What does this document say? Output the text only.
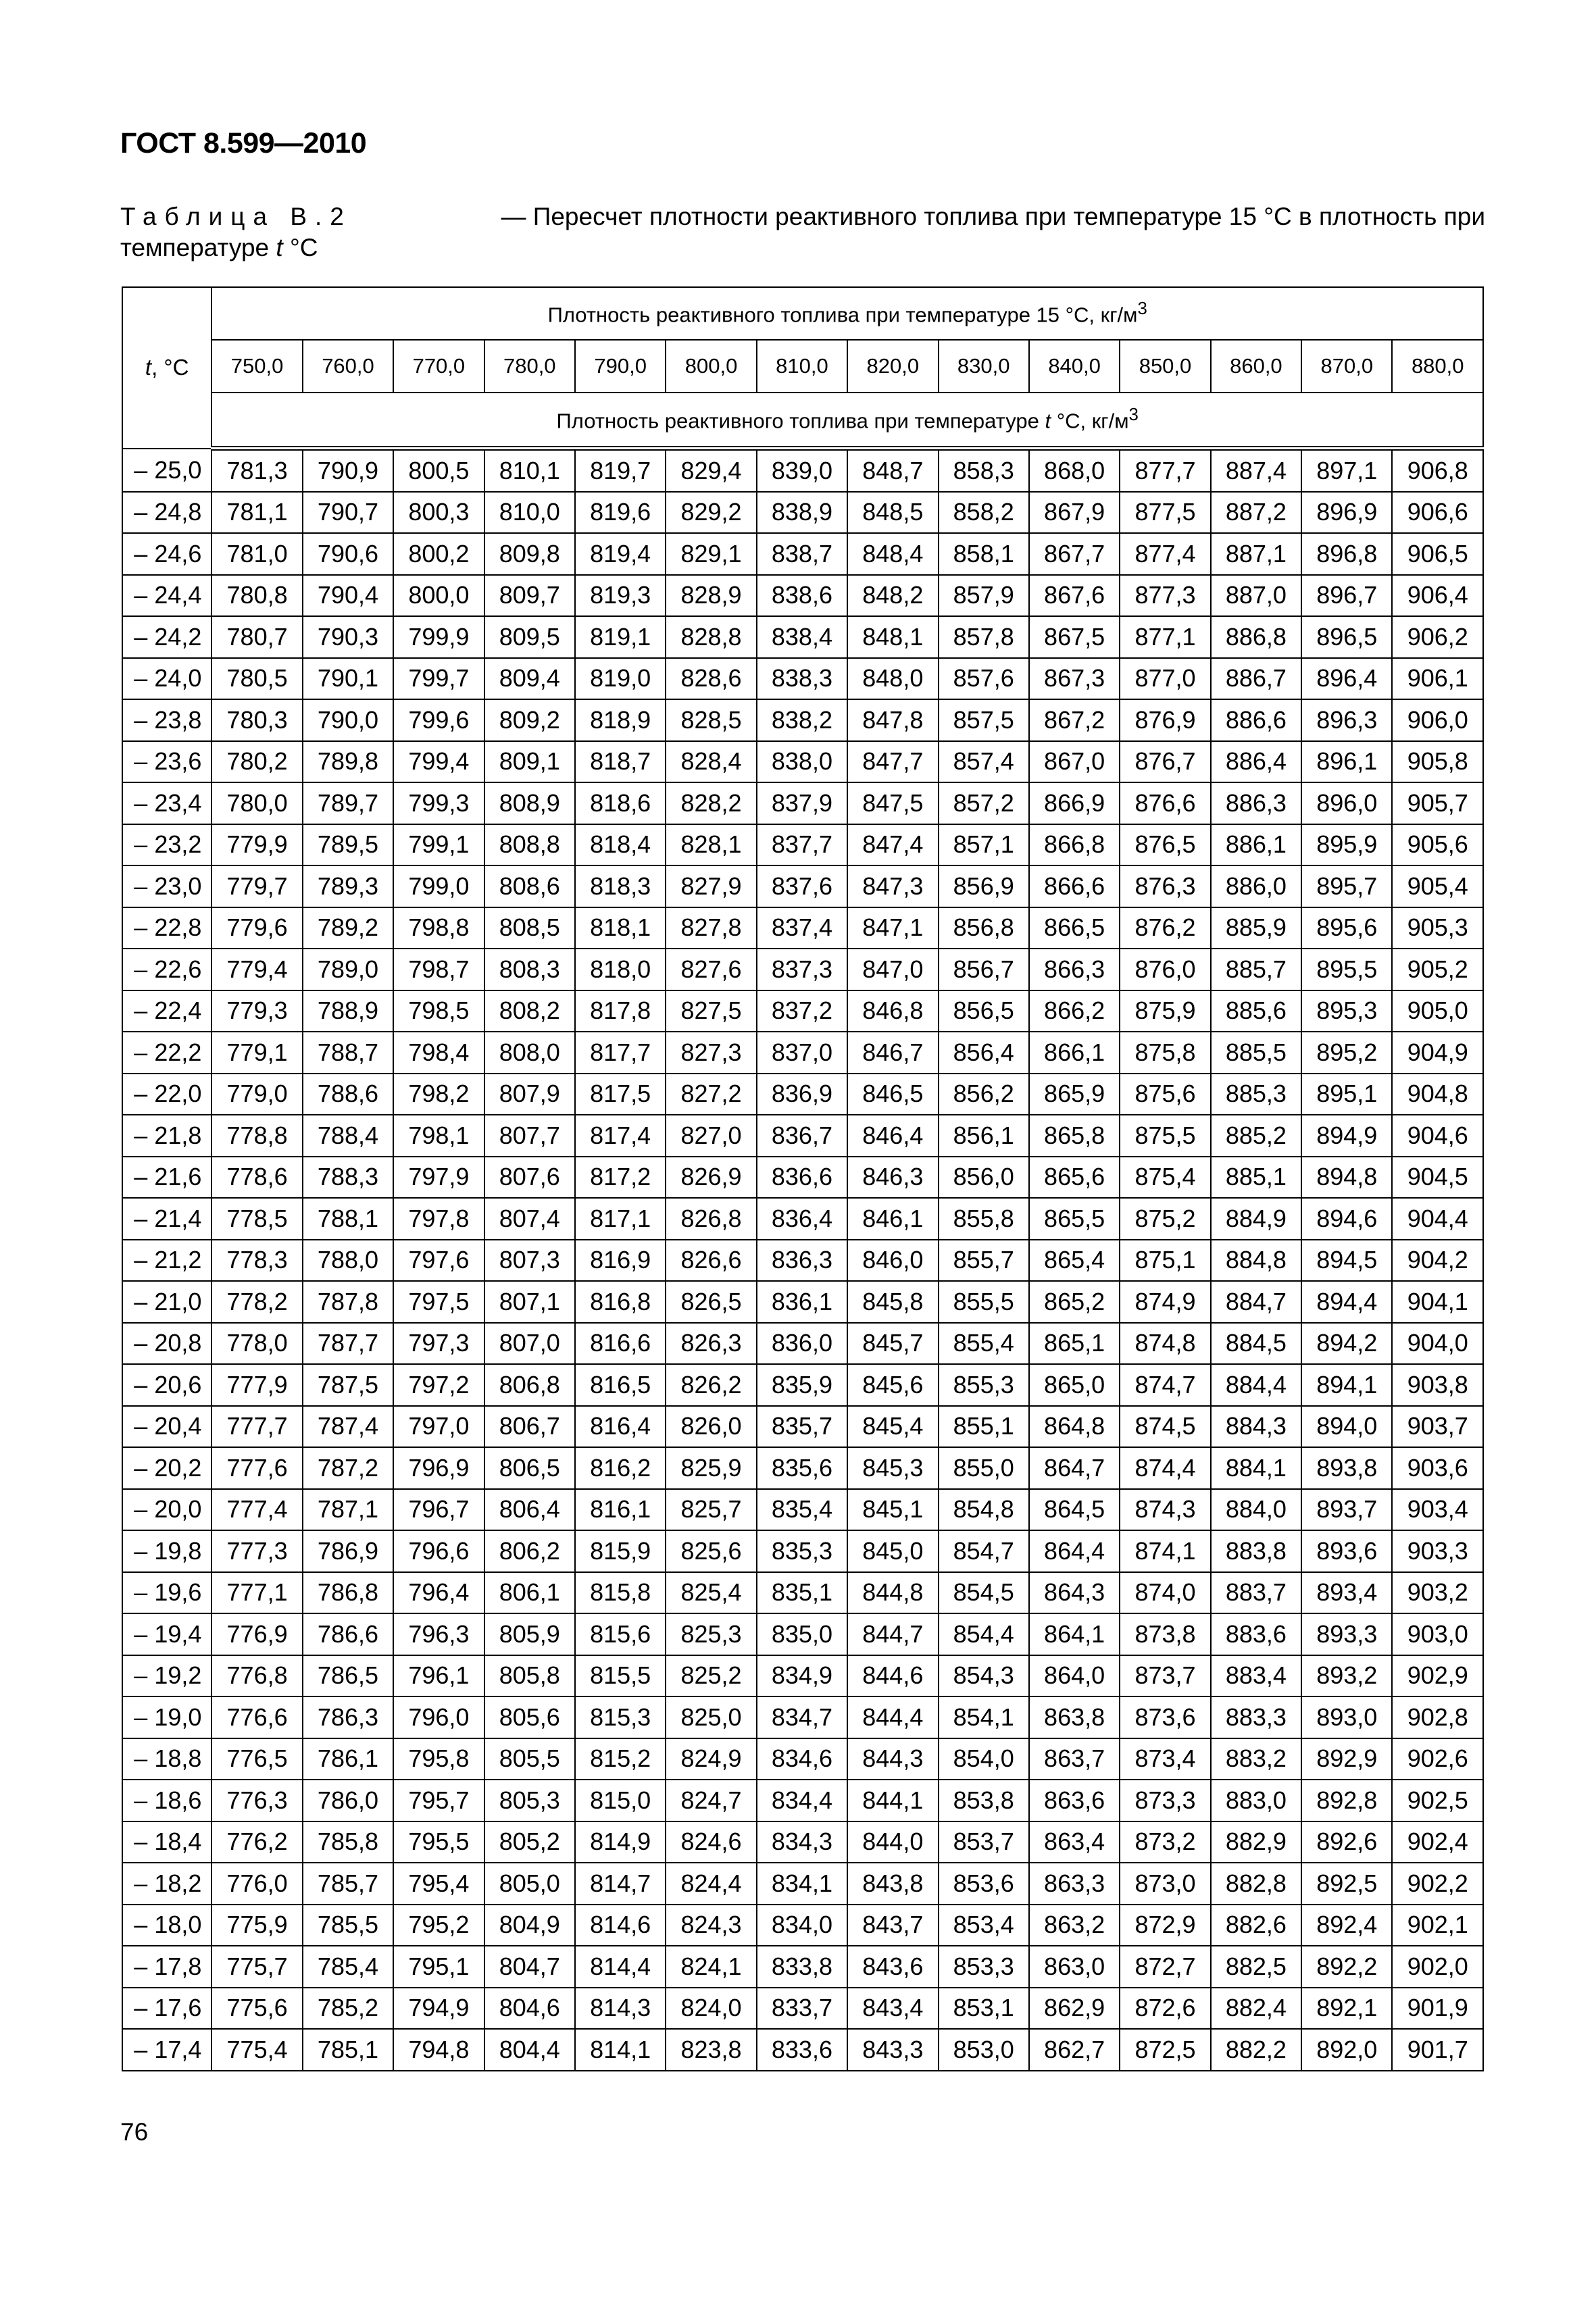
ГОСТ 8.599—2010
Таблица В.2	— Пересчет плотности реактивного топлива при температуре 15 °С в плотность при
температуре t °С
t, °С	Плотность реактивного топлива при температуре 15 °С, $кг/м^3$
	750,0	760,0	770,0	780,0	790,0	800,0	810,0	820,0	830,0	840,0	850,0	860,0	870,0	880,0
	Плотность реактивного топлива при температуре t °С, $кг/м^3$
– 25,0	781,3	790,9	800,5	810,1	819,7	829,4	839,0	848,7	858,3	868,0	877,7	887,4	897,1	906,8
– 24,8	781,1	790,7	800,3	810,0	819,6	829,2	838,9	848,5	858,2	867,9	877,5	887,2	896,9	906,6
– 24,6	781,0	790,6	800,2	809,8	819,4	829,1	838,7	848,4	858,1	867,7	877,4	887,1	896,8	906,5
– 24,4	780,8	790,4	800,0	809,7	819,3	828,9	838,6	848,2	857,9	867,6	877,3	887,0	896,7	906,4
– 24,2	780,7	790,3	799,9	809,5	819,1	828,8	838,4	848,1	857,8	867,5	877,1	886,8	896,5	906,2
– 24,0	780,5	790,1	799,7	809,4	819,0	828,6	838,3	848,0	857,6	867,3	877,0	886,7	896,4	906,1
– 23,8	780,3	790,0	799,6	809,2	818,9	828,5	838,2	847,8	857,5	867,2	876,9	886,6	896,3	906,0
– 23,6	780,2	789,8	799,4	809,1	818,7	828,4	838,0	847,7	857,4	867,0	876,7	886,4	896,1	905,8
– 23,4	780,0	789,7	799,3	808,9	818,6	828,2	837,9	847,5	857,2	866,9	876,6	886,3	896,0	905,7
– 23,2	779,9	789,5	799,1	808,8	818,4	828,1	837,7	847,4	857,1	866,8	876,5	886,1	895,9	905,6
– 23,0	779,7	789,3	799,0	808,6	818,3	827,9	837,6	847,3	856,9	866,6	876,3	886,0	895,7	905,4
– 22,8	779,6	789,2	798,8	808,5	818,1	827,8	837,4	847,1	856,8	866,5	876,2	885,9	895,6	905,3
– 22,6	779,4	789,0	798,7	808,3	818,0	827,6	837,3	847,0	856,7	866,3	876,0	885,7	895,5	905,2
– 22,4	779,3	788,9	798,5	808,2	817,8	827,5	837,2	846,8	856,5	866,2	875,9	885,6	895,3	905,0
– 22,2	779,1	788,7	798,4	808,0	817,7	827,3	837,0	846,7	856,4	866,1	875,8	885,5	895,2	904,9
– 22,0	779,0	788,6	798,2	807,9	817,5	827,2	836,9	846,5	856,2	865,9	875,6	885,3	895,1	904,8
– 21,8	778,8	788,4	798,1	807,7	817,4	827,0	836,7	846,4	856,1	865,8	875,5	885,2	894,9	904,6
– 21,6	778,6	788,3	797,9	807,6	817,2	826,9	836,6	846,3	856,0	865,6	875,4	885,1	894,8	904,5
– 21,4	778,5	788,1	797,8	807,4	817,1	826,8	836,4	846,1	855,8	865,5	875,2	884,9	894,6	904,4
– 21,2	778,3	788,0	797,6	807,3	816,9	826,6	836,3	846,0	855,7	865,4	875,1	884,8	894,5	904,2
– 21,0	778,2	787,8	797,5	807,1	816,8	826,5	836,1	845,8	855,5	865,2	874,9	884,7	894,4	904,1
– 20,8	778,0	787,7	797,3	807,0	816,6	826,3	836,0	845,7	855,4	865,1	874,8	884,5	894,2	904,0
– 20,6	777,9	787,5	797,2	806,8	816,5	826,2	835,9	845,6	855,3	865,0	874,7	884,4	894,1	903,8
– 20,4	777,7	787,4	797,0	806,7	816,4	826,0	835,7	845,4	855,1	864,8	874,5	884,3	894,0	903,7
– 20,2	777,6	787,2	796,9	806,5	816,2	825,9	835,6	845,3	855,0	864,7	874,4	884,1	893,8	903,6
– 20,0	777,4	787,1	796,7	806,4	816,1	825,7	835,4	845,1	854,8	864,5	874,3	884,0	893,7	903,4
– 19,8	777,3	786,9	796,6	806,2	815,9	825,6	835,3	845,0	854,7	864,4	874,1	883,8	893,6	903,3
– 19,6	777,1	786,8	796,4	806,1	815,8	825,4	835,1	844,8	854,5	864,3	874,0	883,7	893,4	903,2
– 19,4	776,9	786,6	796,3	805,9	815,6	825,3	835,0	844,7	854,4	864,1	873,8	883,6	893,3	903,0
– 19,2	776,8	786,5	796,1	805,8	815,5	825,2	834,9	844,6	854,3	864,0	873,7	883,4	893,2	902,9
– 19,0	776,6	786,3	796,0	805,6	815,3	825,0	834,7	844,4	854,1	863,8	873,6	883,3	893,0	902,8
– 18,8	776,5	786,1	795,8	805,5	815,2	824,9	834,6	844,3	854,0	863,7	873,4	883,2	892,9	902,6
– 18,6	776,3	786,0	795,7	805,3	815,0	824,7	834,4	844,1	853,8	863,6	873,3	883,0	892,8	902,5
– 18,4	776,2	785,8	795,5	805,2	814,9	824,6	834,3	844,0	853,7	863,4	873,2	882,9	892,6	902,4
– 18,2	776,0	785,7	795,4	805,0	814,7	824,4	834,1	843,8	853,6	863,3	873,0	882,8	892,5	902,2
– 18,0	775,9	785,5	795,2	804,9	814,6	824,3	834,0	843,7	853,4	863,2	872,9	882,6	892,4	902,1
– 17,8	775,7	785,4	795,1	804,7	814,4	824,1	833,8	843,6	853,3	863,0	872,7	882,5	892,2	902,0
– 17,6	775,6	785,2	794,9	804,6	814,3	824,0	833,7	843,4	853,1	862,9	872,6	882,4	892,1	901,9
– 17,4	775,4	785,1	794,8	804,4	814,1	823,8	833,6	843,3	853,0	862,7	872,5	882,2	892,0	901,7
76
